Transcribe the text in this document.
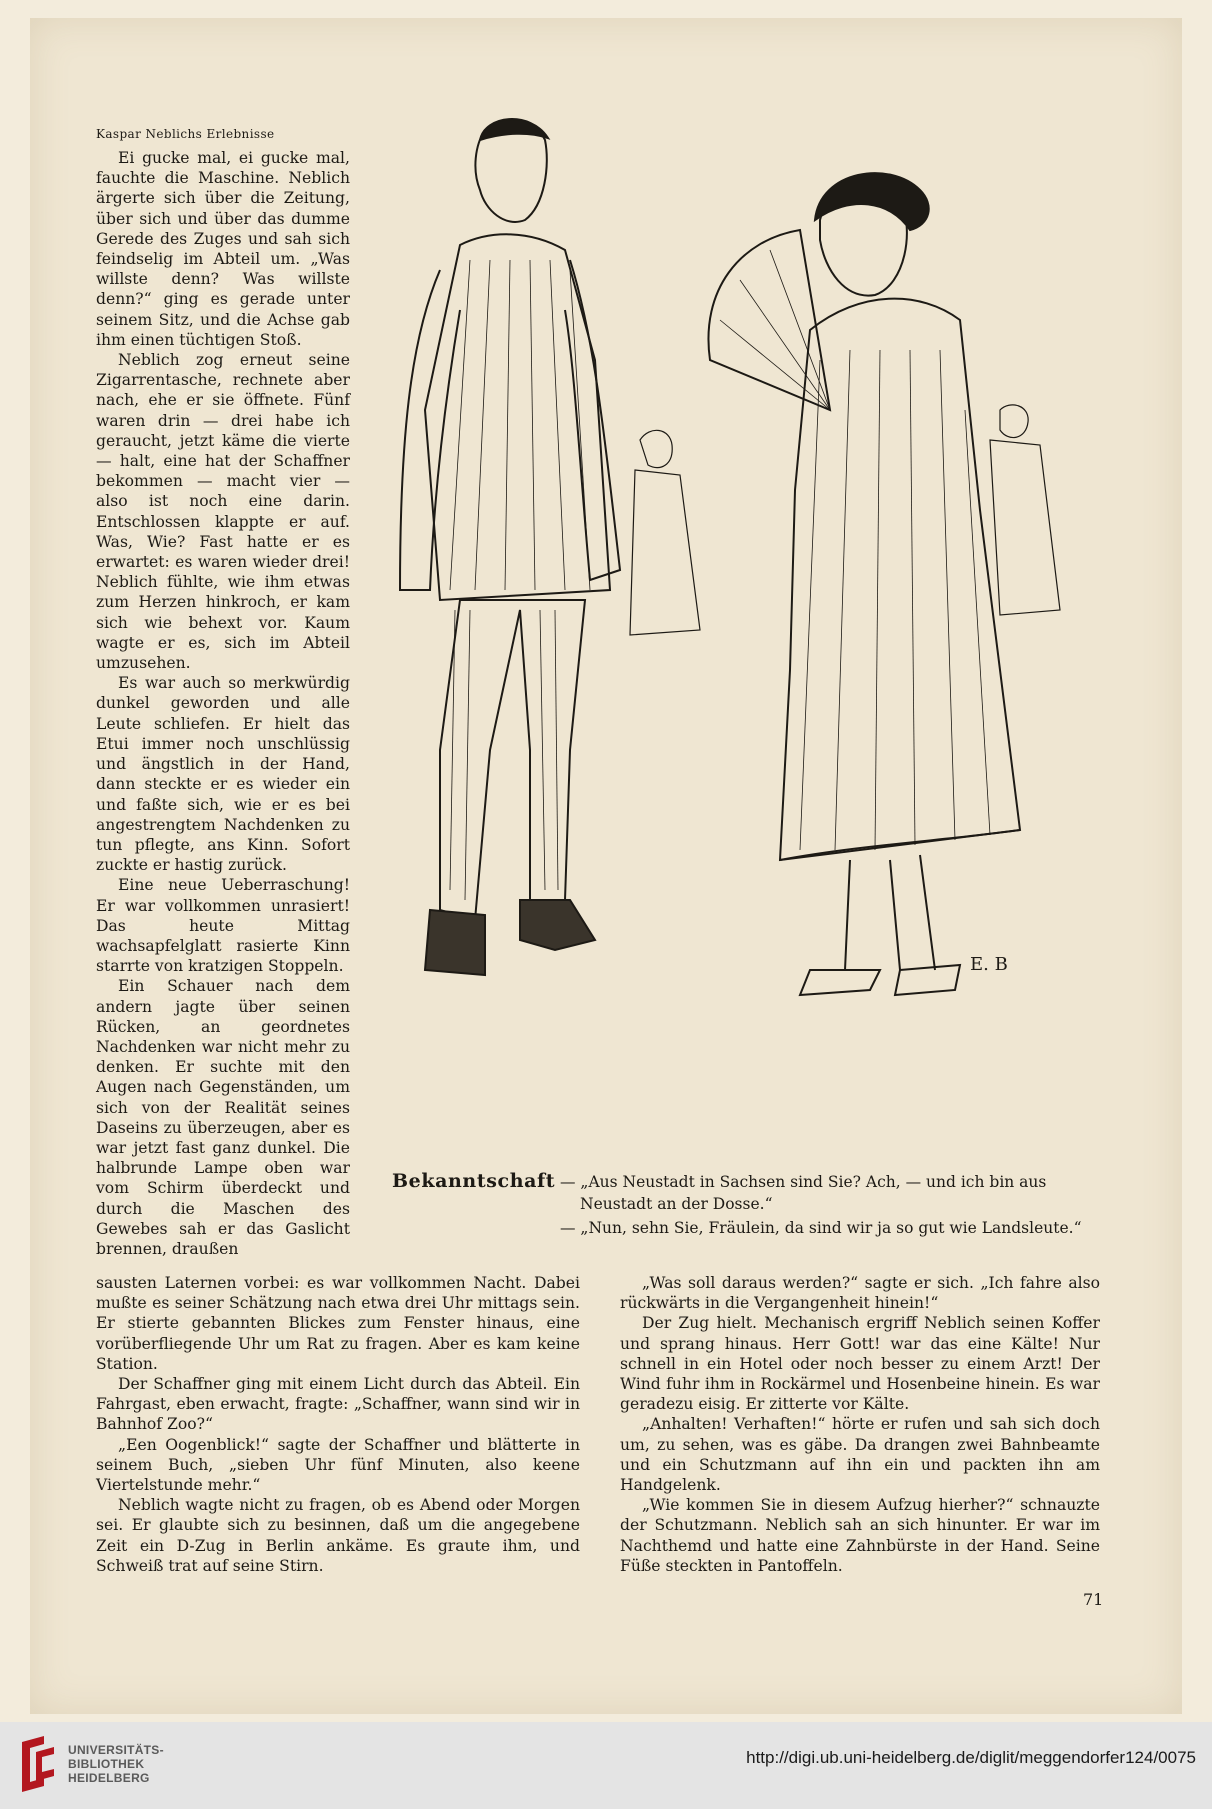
Kaspar Neblichs Erlebnisse

Ei gucke mal, ei gucke mal, fauchte die Maschine. Neblich ärgerte sich über die Zeitung, über sich und über das dumme Gerede des Zuges und sah sich feindselig im Abteil um. „Was willste denn? Was willste denn?“ ging es gerade unter seinem Sitz, und die Achse gab ihm einen tüchtigen Stoß.

Neblich zog erneut seine Zigarrentasche, rechnete aber nach, ehe er sie öffnete. Fünf waren drin — drei habe ich geraucht, jetzt käme die vierte — halt, eine hat der Schaffner bekommen — macht vier — also ist noch eine darin. Entschlossen klappte er auf. Was, Wie? Fast hatte er es erwartet: es waren wieder drei! Neblich fühlte, wie ihm etwas zum Herzen hinkroch, er kam sich wie behext vor. Kaum wagte er es, sich im Abteil umzusehen.

Es war auch so merkwürdig dunkel geworden und alle Leute schliefen. Er hielt das Etui immer noch unschlüssig und ängstlich in der Hand, dann steckte er es wieder ein und faßte sich, wie er es bei angestrengtem Nachdenken zu tun pflegte, ans Kinn. Sofort zuckte er hastig zurück.

Eine neue Ueberraschung! Er war vollkommen unrasiert! Das heute Mittag wachsapfelglatt rasierte Kinn starrte von kratzigen Stoppeln.

Ein Schauer nach dem andern jagte über seinen Rücken, an geordnetes Nachdenken war nicht mehr zu denken. Er suchte mit den Augen nach Gegenständen, um sich von der Realität seines Daseins zu überzeugen, aber es war jetzt fast ganz dunkel. Die halbrunde Lampe oben war vom Schirm überdeckt und durch die Maschen des Gewebes sah er das Gaslicht brennen, draußen

E. B
Bekanntschaft — „Aus Neustadt in Sachsen sind Sie? Ach, — und ich bin aus
Neustadt an der Dosse.“
— „Nun, sehn Sie, Fräulein, da sind wir ja so gut wie Landsleute.“

sausten Laternen vorbei: es war vollkommen Nacht. Dabei mußte es seiner Schätzung nach etwa drei Uhr mittags sein. Er stierte gebannten Blickes zum Fenster hinaus, eine vorüberfliegende Uhr um Rat zu fragen. Aber es kam keine Station.

Der Schaffner ging mit einem Licht durch das Abteil. Ein Fahrgast, eben erwacht, fragte: „Schaffner, wann sind wir in Bahnhof Zoo?“

„Een Oogenblick!“ sagte der Schaffner und blätterte in seinem Buch, „sieben Uhr fünf Minuten, also keene Viertelstunde mehr.“

Neblich wagte nicht zu fragen, ob es Abend oder Morgen sei. Er glaubte sich zu besinnen, daß um die angegebene Zeit ein D-Zug in Berlin ankäme. Es graute ihm, und Schweiß trat auf seine Stirn.

„Was soll daraus werden?“ sagte er sich. „Ich fahre also rückwärts in die Vergangenheit hinein!“

Der Zug hielt. Mechanisch ergriff Neblich seinen Koffer und sprang hinaus. Herr Gott! war das eine Kälte! Nur schnell in ein Hotel oder noch besser zu einem Arzt! Der Wind fuhr ihm in Rockärmel und Hosenbeine hinein. Es war geradezu eisig. Er zitterte vor Kälte.

„Anhalten! Verhaften!“ hörte er rufen und sah sich doch um, zu sehen, was es gäbe. Da drangen zwei Bahnbeamte und ein Schutzmann auf ihn ein und packten ihn am Handgelenk.

„Wie kommen Sie in diesem Aufzug hierher?“ schnauzte der Schutzmann. Neblich sah an sich hinunter. Er war im Nachthemd und hatte eine Zahnbürste in der Hand. Seine Füße steckten in Pantoffeln.

71
UNIVERSITÄTS-
BIBLIOTHEK
HEIDELBERG
http://digi.ub.uni-heidelberg.de/diglit/meggendorfer124/0075
